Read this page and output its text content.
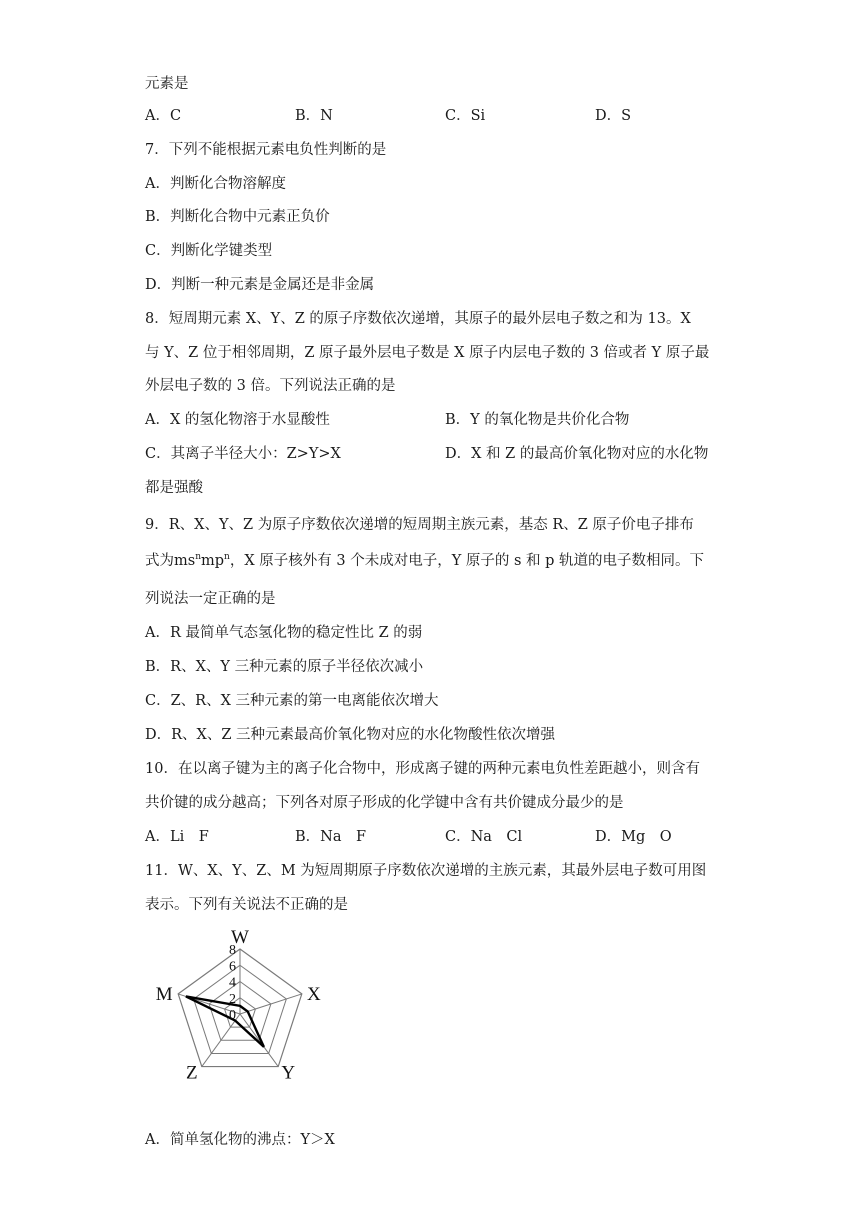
元素是
A．C	B．N	C．Si	D．S
7．下列不能根据元素电负性判断的是
A．判断化合物溶解度
B．判断化合物中元素正负价
C．判断化学键类型
D．判断一种元素是金属还是非金属
8．短周期元素 X、Y、Z 的原子序数依次递增，其原子的最外层电子数之和为 13。X
与 Y、Z 位于相邻周期，Z 原子最外层电子数是 X 原子内层电子数的 3 倍或者 Y 原子最
外层电子数的 3 倍。下列说法正确的是
A．X 的氢化物溶于水显酸性	B．Y 的氧化物是共价化合物
C．其离子半径大小：Z>Y>X	D．X 和 Z 的最高价氧化物对应的水化物
都是强酸
9．R、X、Y、Z 为原子序数依次递增的短周期主族元素，基态 R、Z 原子价电子排布
式为$ms^nmp^n$，X 原子核外有 3 个未成对电子，Y 原子的 s 和 p 轨道的电子数相同。下
列说法一定正确的是
A．R 最简单气态氢化物的稳定性比 Z 的弱
B．R、X、Y 三种元素的原子半径依次减小
C．Z、R、X 三种元素的第一电离能依次增大
D．R、X、Z 三种元素最高价氧化物对应的水化物酸性依次增强
10．在以离子键为主的离子化合物中，形成离子键的两种元素电负性差距越小，则含有
共价键的成分越高；下列各对原子形成的化学键中含有共价键成分最少的是
A．Li　F	B．Na　F	C．Na　Cl	D．Mg　O
11．W、X、Y、Z、M 为短周期原子序数依次递增的主族元素，其最外层电子数可用图
表示。下列有关说法不正确的是
0
2
4
6
8
W
X
Y
Z
M
A．简单氢化物的沸点：Y＞X
